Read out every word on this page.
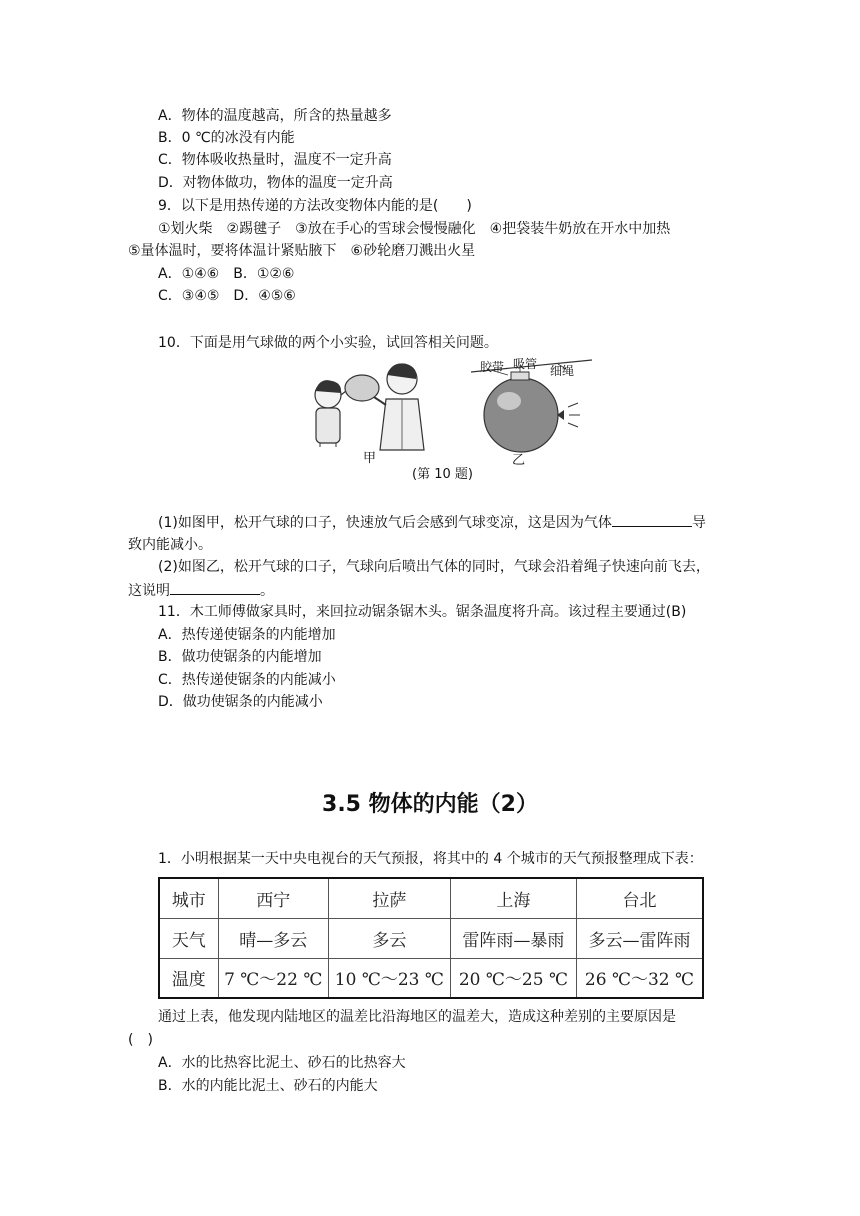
A．物体的温度越高，所含的热量越多
B．0 ℃的冰没有内能
C．物体吸收热量时，温度不一定升高
D．对物体做功，物体的温度一定升高
9．以下是用热传递的方法改变物体内能的是(　　)
①划火柴　②踢毽子　③放在手心的雪球会慢慢融化　④把袋装牛奶放在开水中加热
⑤量体温时，要将体温计紧贴腋下　⑥砂轮磨刀溅出火星
A．①④⑥　B．①②⑥
C．③④⑤　D．④⑤⑥
10．下面是用气球做的两个小实验，试回答相关问题。
胶带 吸管 细绳
甲	乙
(第 10 题)
(1)如图甲，松开气球的口子，快速放气后会感到气球变凉，这是因为气体	导
致内能减小。
(2)如图乙，松开气球的口子，气球向后喷出气体的同时，气球会沿着绳子快速向前飞去，
这说明	。
11．木工师傅做家具时，来回拉动锯条锯木头。锯条温度将升高。该过程主要通过(B)
A．热传递使锯条的内能增加
B．做功使锯条的内能增加
C．热传递使锯条的内能减小
D．做功使锯条的内能减小
3.5 物体的内能（2）
1．小明根据某一天中央电视台的天气预报，将其中的 4 个城市的天气预报整理成下表：
城市	西宁	拉萨	上海	台北
天气	晴—多云	多云	雷阵雨—暴雨	多云—雷阵雨
温度	7 ℃～22 ℃	10 ℃～23 ℃	20 ℃～25 ℃	26 ℃～32 ℃
通过上表，他发现内陆地区的温差比沿海地区的温差大，造成这种差别的主要原因是
(　)
A．水的比热容比泥土、砂石的比热容大
B．水的内能比泥土、砂石的内能大
